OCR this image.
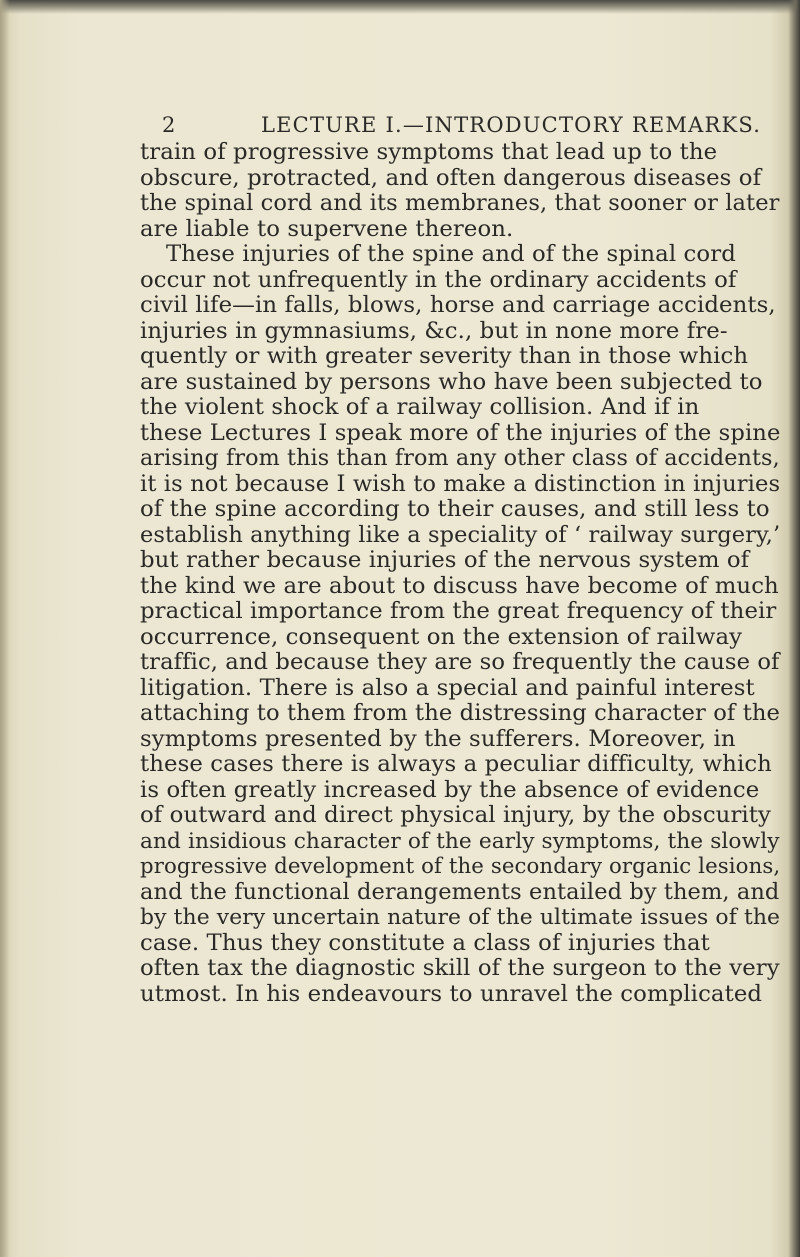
2	LECTURE I.—INTRODUCTORY REMARKS.
train of progressive symptoms that lead up to the
obscure, protracted, and often dangerous diseases of
the spinal cord and its membranes, that sooner or later
are liable to supervene thereon.
These injuries of the spine and of the spinal cord
occur not unfrequently in the ordinary accidents of
civil life—in falls, blows, horse and carriage accidents,
injuries in gymnasiums, &c., but in none more fre-
quently or with greater severity than in those which
are sustained by persons who have been subjected to
the violent shock of a railway collision. And if in
these Lectures I speak more of the injuries of the spine
arising from this than from any other class of accidents,
it is not because I wish to make a distinction in injuries
of the spine according to their causes, and still less to
establish anything like a speciality of ‘ railway surgery,’
but rather because injuries of the nervous system of
the kind we are about to discuss have become of much
practical importance from the great frequency of their
occurrence, consequent on the extension of railway
traffic, and because they are so frequently the cause of
litigation. There is also a special and painful interest
attaching to them from the distressing character of the
symptoms presented by the sufferers. Moreover, in
these cases there is always a peculiar difficulty, which
is often greatly increased by the absence of evidence
of outward and direct physical injury, by the obscurity
and insidious character of the early symptoms, the slowly
progressive development of the secondary organic lesions,
and the functional derangements entailed by them, and
by the very uncertain nature of the ultimate issues of the
case. Thus they constitute a class of injuries that
often tax the diagnostic skill of the surgeon to the very
utmost. In his endeavours to unravel the complicated
